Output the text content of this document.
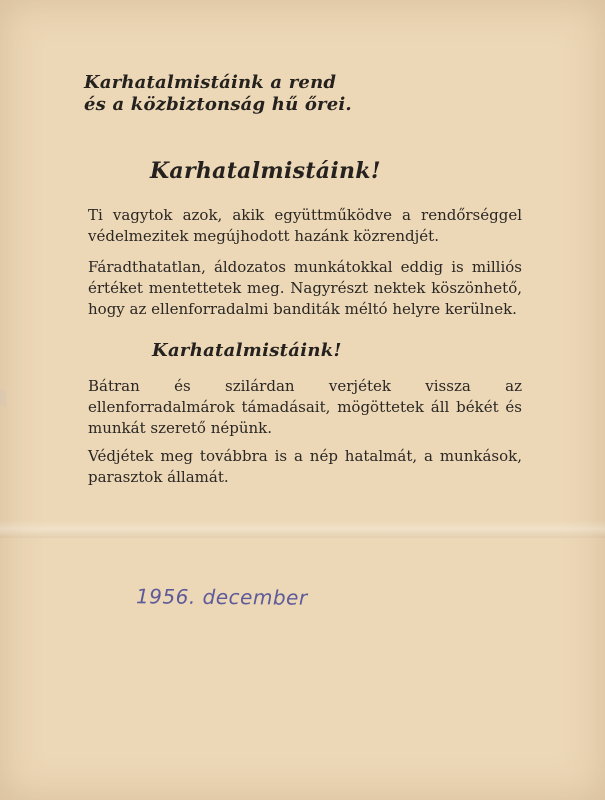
Karhatalmistáink a rend
és a közbiztonság hű őrei.
Karhatalmistáink!
Ti vagytok azok, akik együttműködve a rendőrséggel védelmezitek megújhodott hazánk közrendjét.
Fáradthatatlan, áldozatos munkátokkal eddig is milliós értéket mentettetek meg. Nagyrészt nektek köszönhető, hogy az ellenforradalmi banditák méltó helyre kerülnek.
Karhatalmistáink!
Bátran és szilárdan verjétek vissza az ellenforradalmárok támadásait, mögöttetek áll békét és munkát szerető népünk.
Védjétek meg továbbra is a nép hatalmát, a munkások, parasztok államát.
1956. december
